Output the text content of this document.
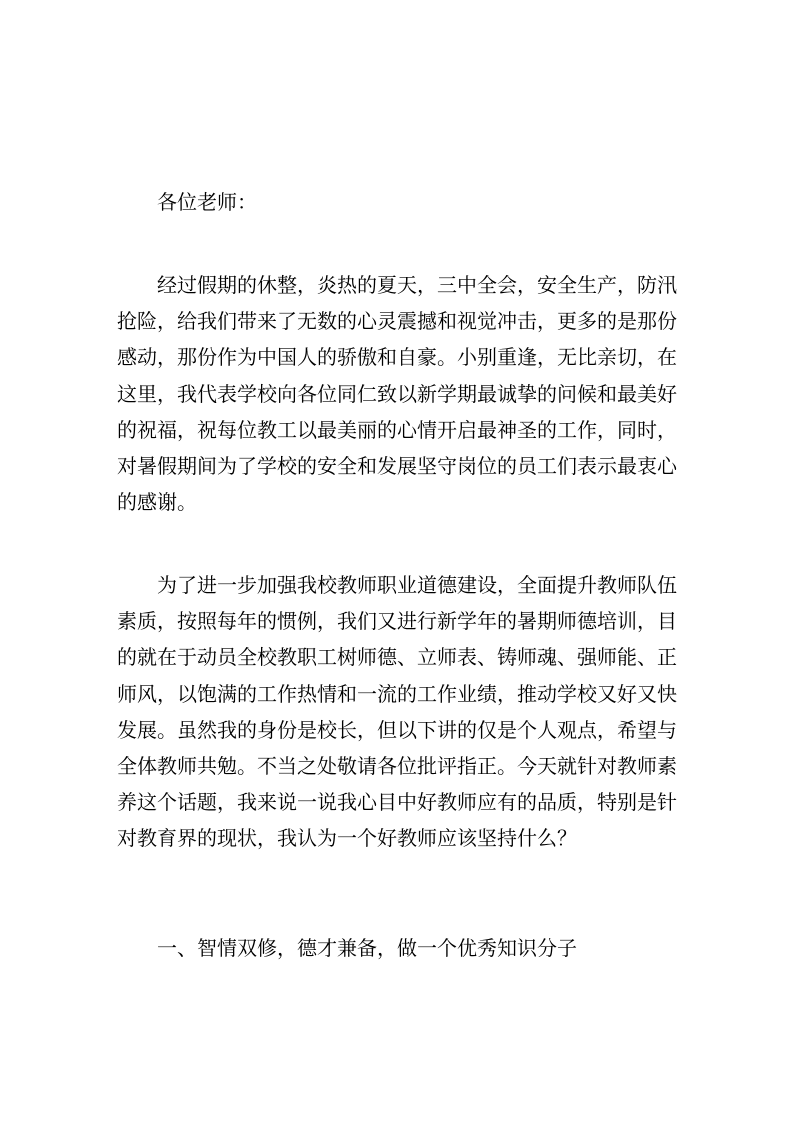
各位老师：

经过假期的休整，炎热的夏天，三中全会，安全生产，防汛抢险，给我们带来了无数的心灵震撼和视觉冲击，更多的是那份感动，那份作为中国人的骄傲和自豪。小别重逢，无比亲切，在这里，我代表学校向各位同仁致以新学期最诚挚的问候和最美好的祝福，祝每位教工以最美丽的心情开启最神圣的工作，同时，对暑假期间为了学校的安全和发展坚守岗位的员工们表示最衷心的感谢。

为了进一步加强我校教师职业道德建设，全面提升教师队伍素质，按照每年的惯例，我们又进行新学年的暑期师德培训，目的就在于动员全校教职工树师德、立师表、铸师魂、强师能、正师风，以饱满的工作热情和一流的工作业绩，推动学校又好又快发展。虽然我的身份是校长，但以下讲的仅是个人观点，希望与全体教师共勉。不当之处敬请各位批评指正。今天就针对教师素养这个话题，我来说一说我心目中好教师应有的品质，特别是针对教育界的现状，我认为一个好教师应该坚持什么？

一、智情双修，德才兼备，做一个优秀知识分子
